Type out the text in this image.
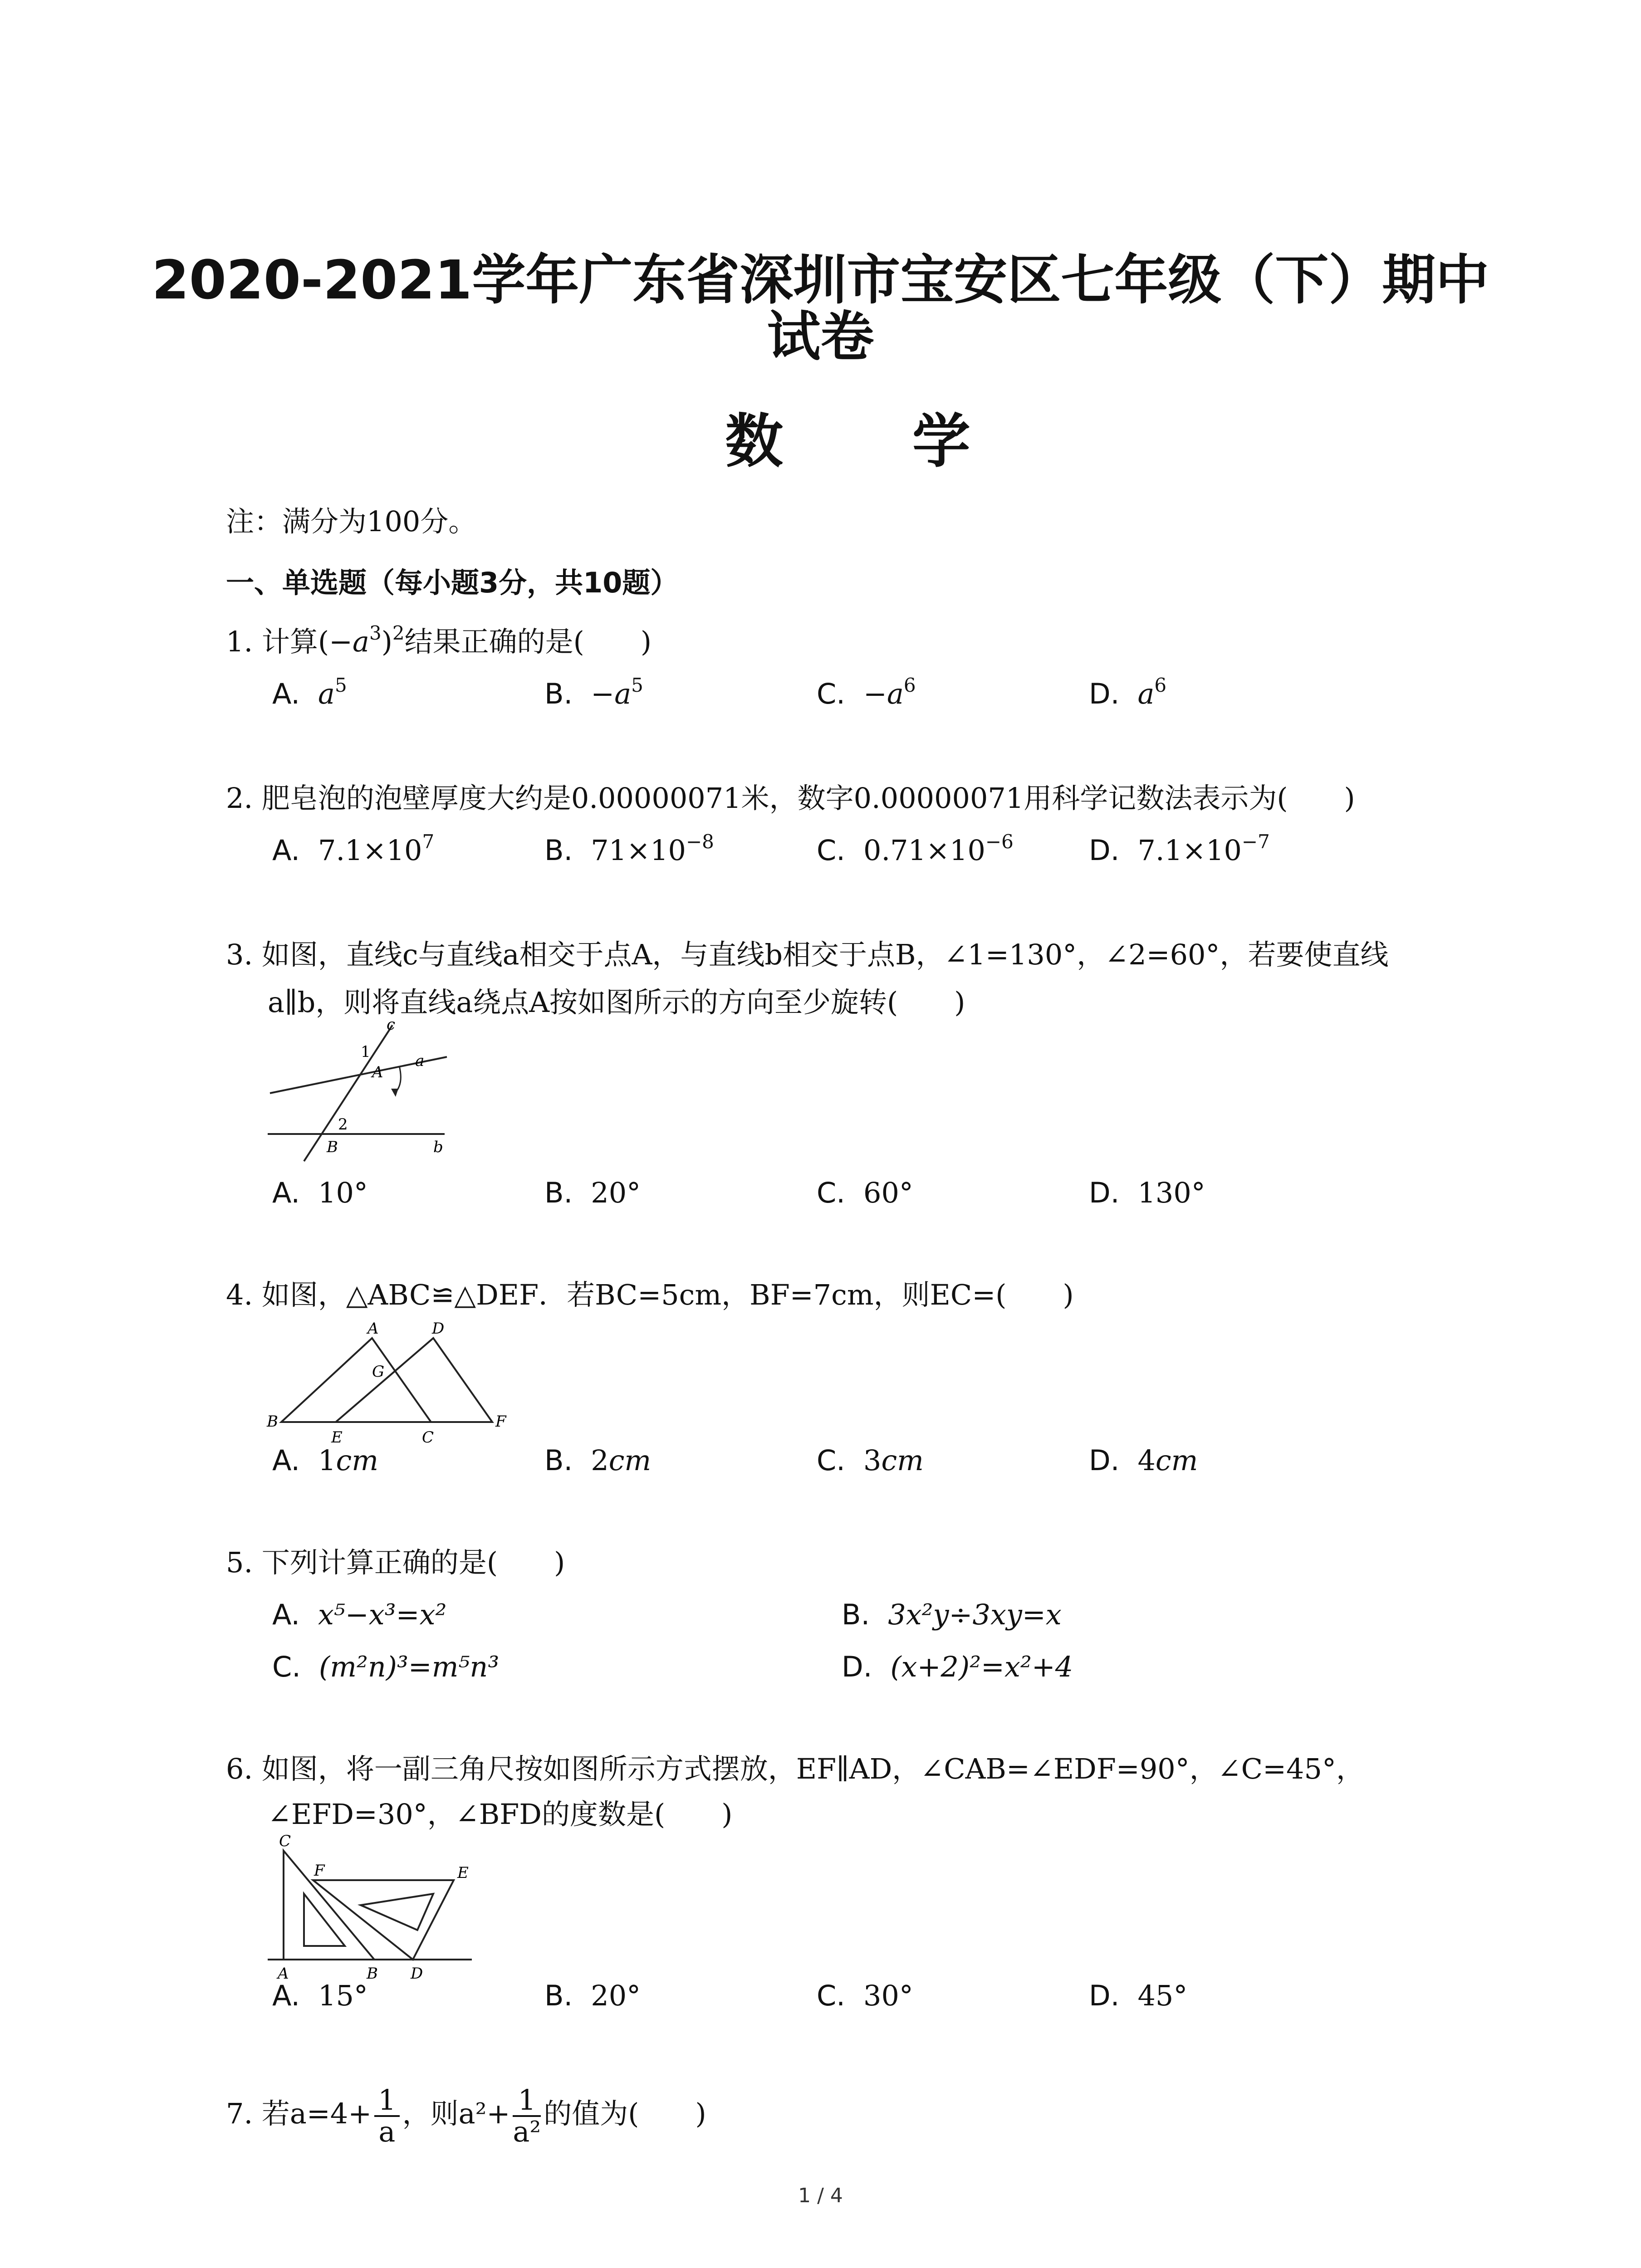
2020-2021学年广东省深圳市宝安区七年级（下）期中
试卷
数 学
注：满分为100分。
一、单选题（每小题3分，共10题）
1. 计算$(-a^3)^2$结果正确的是(　　)
A. $a^5$	B. $-a^5$	C. $-a^6$	D. $a^6$
2. 肥皂泡的泡壁厚度大约是0.00000071米，数字0.00000071用科学记数法表示为(　　)
A. $7.1\times 10^7$	B. $71\times 10^{-8}$	C. $0.71\times 10^{-6}$	D. $7.1\times 10^{-7}$
3. 如图，直线c与直线a相交于点A，与直线b相交于点B，∠1=130°，∠2=60°，若要使直线
a∥b，则将直线a绕点A按如图所示的方向至少旋转(　　)
c
1
A
a
2
B	b
A. 10°	B. 20°	C. 60°	D. 130°
4. 如图，△ABC≌△DEF．若BC=5cm，BF=7cm，则EC=(　　)
A	D
G
B
E	C
F
A. 1cm	B. 2cm	C. 3cm	D. 4cm
5. 下列计算正确的是(　　)
A. x⁵−x³=x²	B. 3x²y÷3xy=x
C. (m²n)³=m⁵n³	D. (x+2)²=x²+4
6. 如图，将一副三角尺按如图所示方式摆放，EF∥AD，∠CAB=∠EDF=90°，∠C=45°，
∠EFD=30°，∠BFD的度数是(　　)
C
F	E
A	B D
A. 15°	B. 20°	C. 30°	D. 45°
7. 若$a=4+ \frac{1}{a}$ ，则$a^2+ \frac{1}{\text{a²}}$ 的值为(　　)
1 / 4
